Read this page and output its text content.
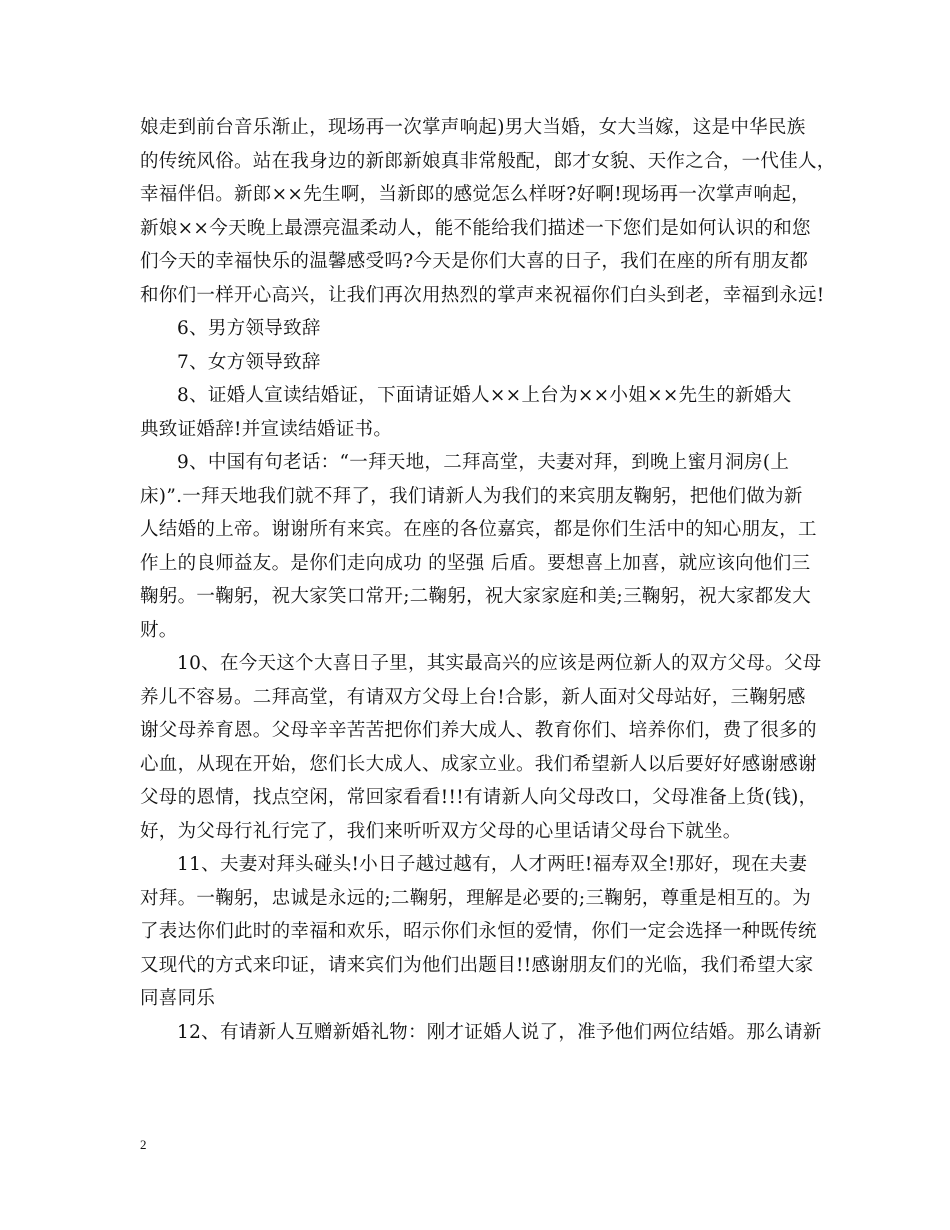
娘走到前台音乐渐止，现场再一次掌声响起)男大当婚，女大当嫁，这是中华民族
的传统风俗。站在我身边的新郎新娘真非常般配，郎才女貌、天作之合，一代佳人，
幸福伴侣。新郎××先生啊，当新郎的感觉怎么样呀?好啊!现场再一次掌声响起，
新娘××今天晚上最漂亮温柔动人，能不能给我们描述一下您们是如何认识的和您
们今天的幸福快乐的温馨感受吗?今天是你们大喜的日子，我们在座的所有朋友都
和你们一样开心高兴，让我们再次用热烈的掌声来祝福你们白头到老，幸福到永远!
6、男方领导致辞
7、女方领导致辞
8、证婚人宣读结婚证，下面请证婚人××上台为××小姐××先生的新婚大
典致证婚辞!并宣读结婚证书。
9、中国有句老话：“一拜天地，二拜高堂，夫妻对拜，到晚上蜜月洞房(上
床)”.一拜天地我们就不拜了，我们请新人为我们的来宾朋友鞠躬，把他们做为新
人结婚的上帝。谢谢所有来宾。在座的各位嘉宾，都是你们生活中的知心朋友，工
作上的良师益友。是你们走向成功 的坚强 后盾。要想喜上加喜，就应该向他们三
鞠躬。一鞠躬，祝大家笑口常开;二鞠躬，祝大家家庭和美;三鞠躬，祝大家都发大
财。
10、在今天这个大喜日子里，其实最高兴的应该是两位新人的双方父母。父母
养儿不容易。二拜高堂，有请双方父母上台!合影，新人面对父母站好，三鞠躬感
谢父母养育恩。父母辛辛苦苦把你们养大成人、教育你们、培养你们，费了很多的
心血，从现在开始，您们长大成人、成家立业。我们希望新人以后要好好感谢感谢
父母的恩情，找点空闲，常回家看看!!!有请新人向父母改口，父母准备上货(钱)，
好，为父母行礼行完了，我们来听听双方父母的心里话请父母台下就坐。
11、夫妻对拜头碰头!小日子越过越有，人才两旺!福寿双全!那好，现在夫妻
对拜。一鞠躬，忠诚是永远的;二鞠躬，理解是必要的;三鞠躬，尊重是相互的。为
了表达你们此时的幸福和欢乐，昭示你们永恒的爱情，你们一定会选择一种既传统
又现代的方式来印证，请来宾们为他们出题目!!感谢朋友们的光临，我们希望大家
同喜同乐
12、有请新人互赠新婚礼物：刚才证婚人说了，准予他们两位结婚。那么请新
2
